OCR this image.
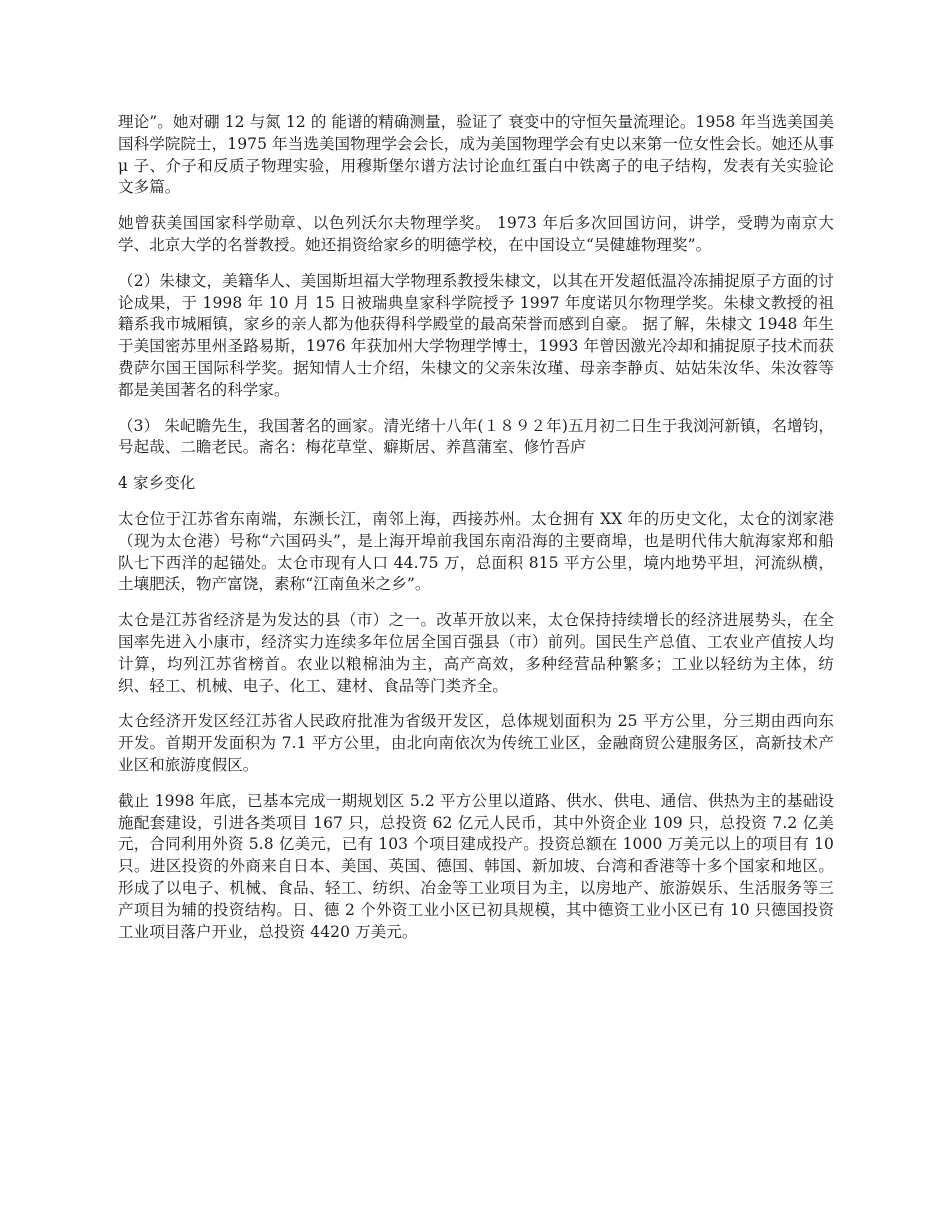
理论”。她对硼 12 与氮 12 的 能谱的精确测量，验证了 衰变中的守恒矢量流理论。1958 年当选美国美国科学院院士，1975 年当选美国物理学会会长，成为美国物理学会有史以来第一位女性会长。她还从事 μ 子、介子和反质子物理实验，用穆斯堡尔谱方法讨论血红蛋白中铁离子的电子结构，发表有关实验论文多篇。

她曾获美国国家科学勋章、以色列沃尔夫物理学奖。 1973 年后多次回国访问，讲学，受聘为南京大学、北京大学的名誉教授。她还捐资给家乡的明德学校，在中国设立“吴健雄物理奖”。

（2）朱棣文，美籍华人、美国斯坦福大学物理系教授朱棣文，以其在开发超低温冷冻捕捉原子方面的讨论成果，于 1998 年 10 月 15 日被瑞典皇家科学院授予 1997 年度诺贝尔物理学奖。朱棣文教授的祖籍系我市城厢镇，家乡的亲人都为他获得科学殿堂的最高荣誉而感到自豪。 据了解，朱棣文 1948 年生于美国密苏里州圣路易斯，1976 年获加州大学物理学博士，1993 年曾因激光冷却和捕捉原子技术而获费萨尔国王国际科学奖。据知情人士介绍，朱棣文的父亲朱汝瑾、母亲李静贞、姑姑朱汝华、朱汝蓉等都是美国著名的科学家。

（3） 朱屺瞻先生，我国著名的画家。清光绪十八年(１８９２年)五月初二日生于我浏河新镇，名增钧，号起哉、二瞻老民。斋名：梅花草堂、癖斯居、养菖蒲室、修竹吾庐

4 家乡变化

太仓位于江苏省东南端，东濒长江，南邻上海，西接苏州。太仓拥有 XX 年的历史文化，太仓的浏家港（现为太仓港）号称“六国码头”，是上海开埠前我国东南沿海的主要商埠，也是明代伟大航海家郑和船队七下西洋的起锚处。太仓市现有人口 44.75 万，总面积 815 平方公里，境内地势平坦，河流纵横，土壤肥沃，物产富饶，素称“江南鱼米之乡”。

太仓是江苏省经济是为发达的县（市）之一。改革开放以来，太仓保持持续增长的经济进展势头，在全国率先进入小康市，经济实力连续多年位居全国百强县（市）前列。国民生产总值、工农业产值按人均计算，均列江苏省榜首。农业以粮棉油为主，高产高效，多种经营品种繁多；工业以轻纺为主体，纺织、轻工、机械、电子、化工、建材、食品等门类齐全。

太仓经济开发区经江苏省人民政府批准为省级开发区，总体规划面积为 25 平方公里，分三期由西向东开发。首期开发面积为 7.1 平方公里，由北向南依次为传统工业区，金融商贸公建服务区，高新技术产业区和旅游度假区。

截止 1998 年底，已基本完成一期规划区 5.2 平方公里以道路、供水、供电、通信、供热为主的基础设施配套建设，引进各类项目 167 只，总投资 62 亿元人民币，其中外资企业 109 只，总投资 7.2 亿美元，合同利用外资 5.8 亿美元，已有 103 个项目建成投产。投资总额在 1000 万美元以上的项目有 10 只。进区投资的外商来自日本、美国、英国、德国、韩国、新加坡、台湾和香港等十多个国家和地区。形成了以电子、机械、食品、轻工、纺织、冶金等工业项目为主，以房地产、旅游娱乐、生活服务等三产项目为辅的投资结构。日、德 2 个外资工业小区已初具规模，其中德资工业小区已有 10 只德国投资工业项目落户开业，总投资 4420 万美元。
